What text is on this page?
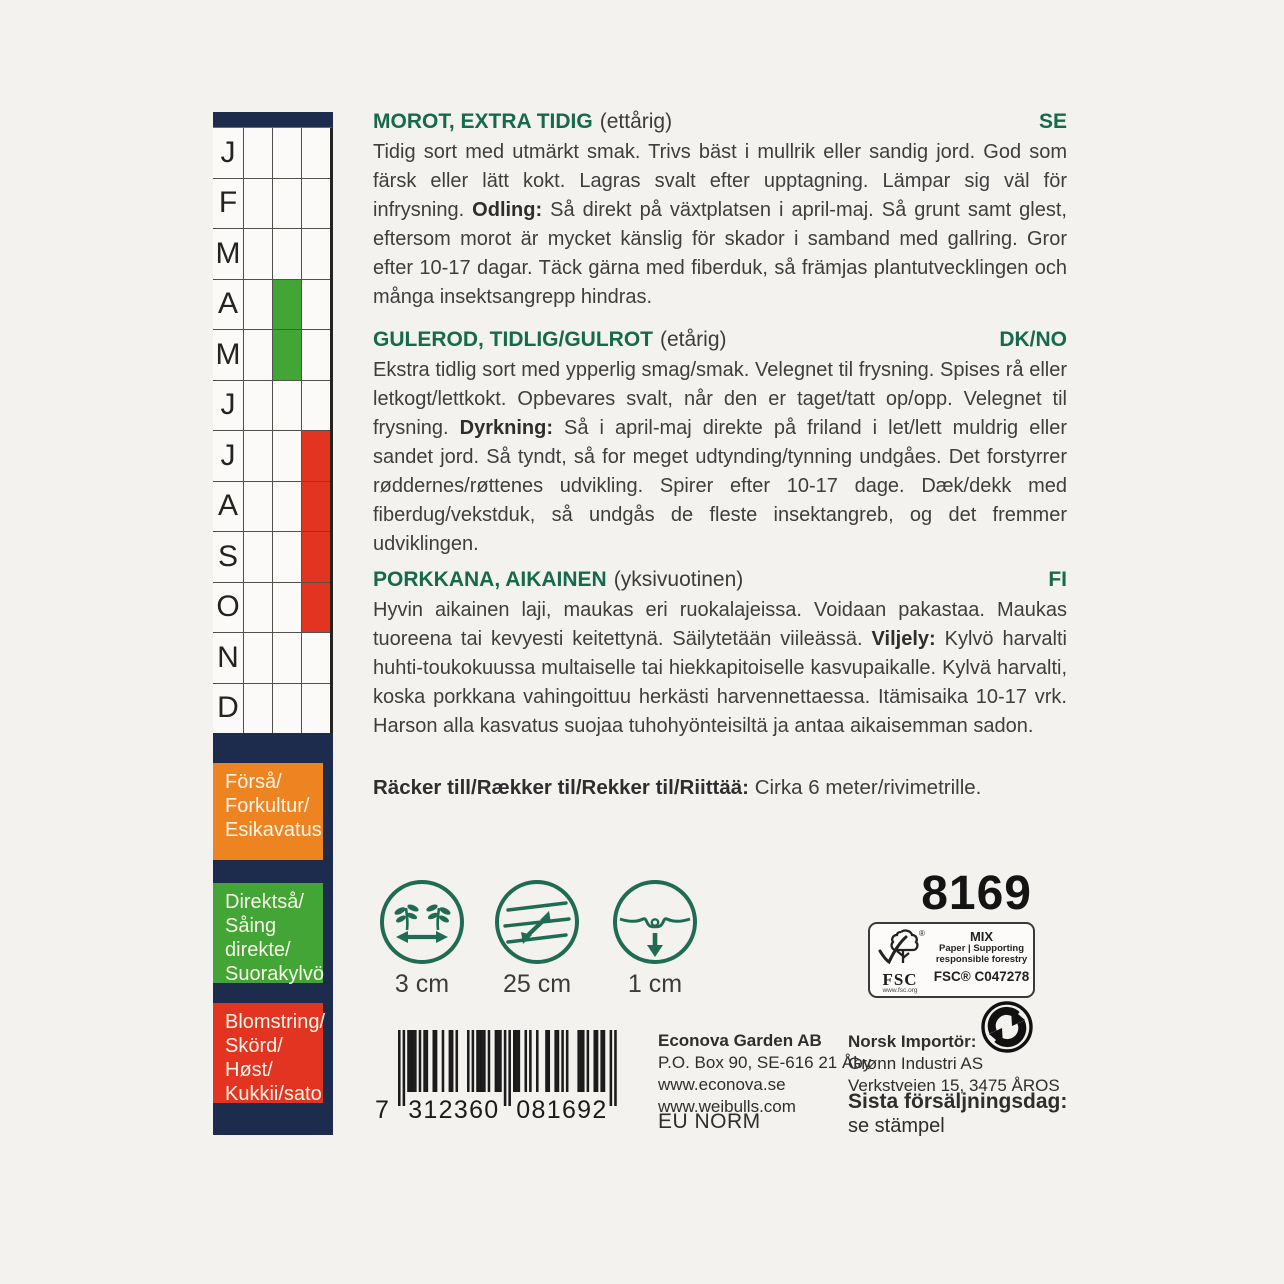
J
F
M
A
M
J
J
A
S
O
N
D
Förså/
Forkultur/
Esikavatus
Direktså/
Såing
direkte/
Suorakylvö
Blomstring/
Skörd/
Høst/
Kukkii/sato
MOROT, EXTRA TIDIG (ettårig)	SE

Tidig sort med utmärkt smak. Trivs bäst i mullrik eller sandig jord. God som färsk eller lätt kokt. Lagras svalt efter upptagning. Lämpar sig väl för infrysning. Odling: Så direkt på växtplatsen i april-maj. Så grunt samt glest, eftersom morot är mycket känslig för skador i samband med gallring. Gror efter 10-17 dagar. Täck gärna med fiberduk, så främjas plantutvecklingen och många insektsangrepp hindras.

GULEROD, TIDLIG/GULROT (etårig)	DK/NO

Ekstra tidlig sort med ypperlig smag/smak. Velegnet til frysning. Spises rå eller letkogt/lettkokt. Opbevares svalt, når den er taget/tatt op/opp. Velegnet til frysning. Dyrkning: Så i april-maj direkte på friland i let/lett muldrig eller sandet jord. Så tyndt, så for meget udtynding/tynning undgåes. Det forstyrrer røddernes/røttenes udvikling. Spirer efter 10-17 dage. Dæk/dekk med fiberdug/vekstduk, så undgås de fleste insektangreb, og det fremmer udviklingen.

PORKKANA, AIKAINEN (yksivuotinen)	FI

Hyvin aikainen laji, maukas eri ruokalajeissa. Voidaan pakastaa. Maukas tuoreena tai kevyesti keitettynä. Säilytetään viileässä. Viljely: Kylvö harvalti huhti-toukokuussa multaiselle tai hiekkapitoiselle kasvupaikalle. Kylvä harvalti, koska porkkana vahingoittuu herkästi harvennettaessa. Itämisaika 10-17 vrk. Harson alla kasvatus suojaa tuhohyönteisiltä ja antaa aikaisemman sadon.

Räcker till/Rækker til/Rekker til/Riittää: Cirka 6 meter/rivimetrille.

3 cm	25 cm	1 cm
8169
®
FSC
www.fsc.org
MIX
Paper | Supporting
responsible forestry
FSC® C047278
7 312360 081692
Econova Garden AB
P.O. Box 90, SE-616 21 Åby
www.econova.se
www.weibulls.com
EU NORM
Norsk Importör:
Grønn Industri AS
Verkstveien 15, 3475 ÅROS
Sista försäljningsdag:
se stämpel
